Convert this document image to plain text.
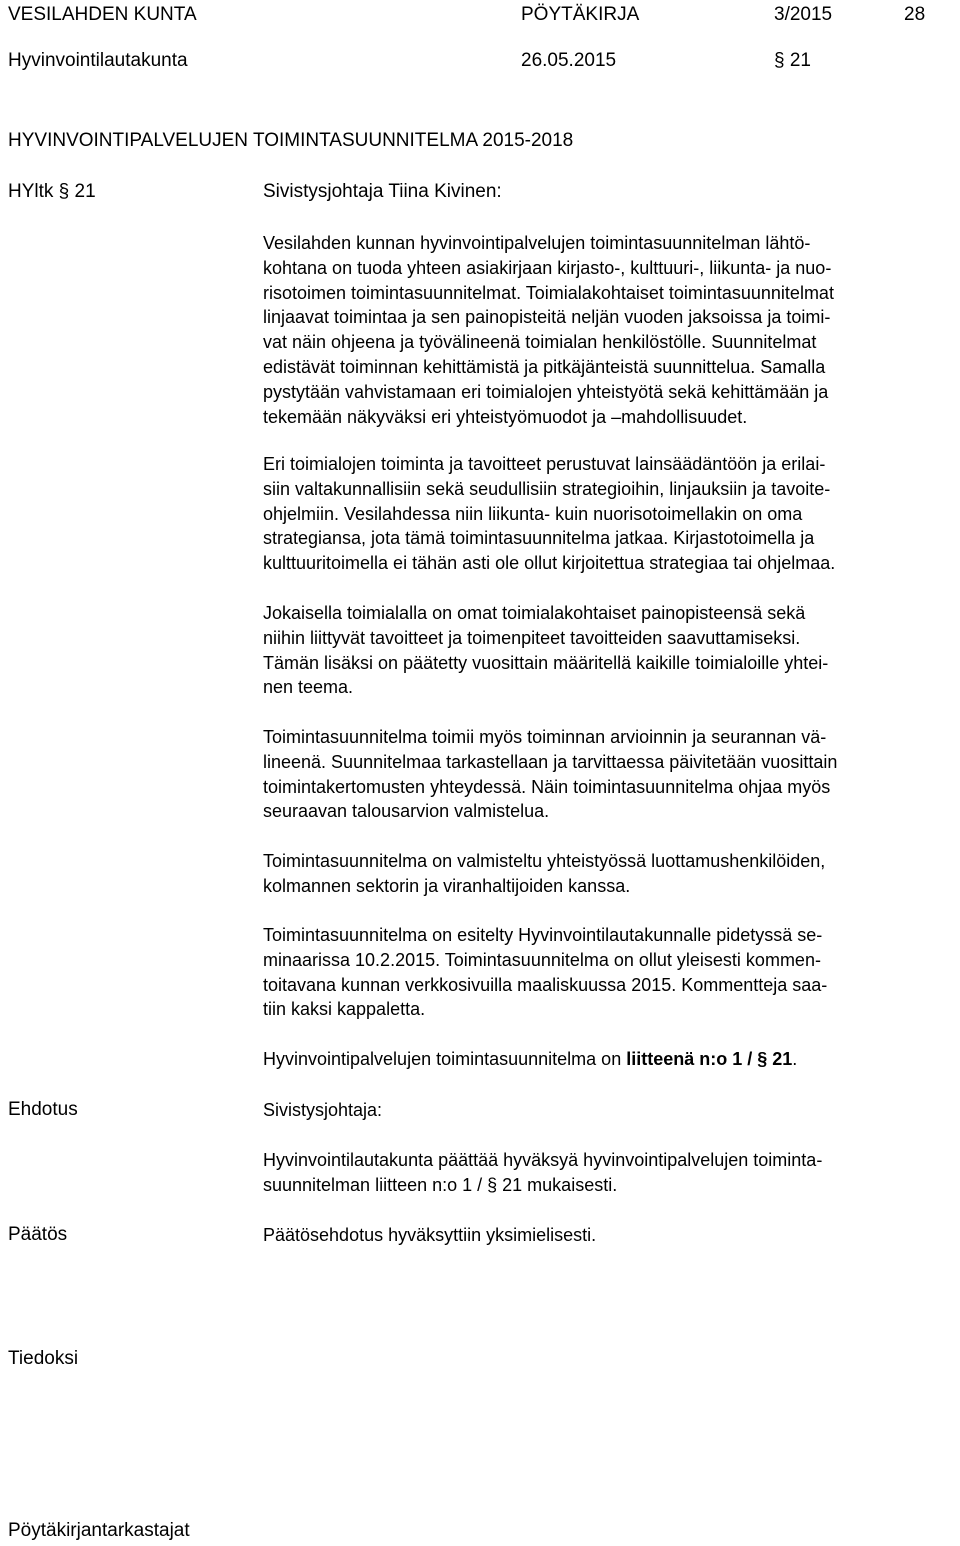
VESILAHDEN KUNTA	PÖYTÄKIRJA	3/2015	28
Hyvinvointilautakunta	26.05.2015	§ 21
HYVINVOINTIPALVELUJEN TOIMINTASUUNNITELMA 2015-2018
HYltk § 21	Sivistysjohtaja Tiina Kivinen:
Vesilahden kunnan hyvinvointipalvelujen toimintasuunnitelman lähtö-
kohtana on tuoda yhteen asiakirjaan kirjasto-, kulttuuri-, liikunta- ja nuo-
risotoimen toimintasuunnitelmat. Toimialakohtaiset toimintasuunnitelmat
linjaavat toimintaa ja sen painopisteitä neljän vuoden jaksoissa ja toimi-
vat näin ohjeena ja työvälineenä toimialan henkilöstölle. Suunnitelmat
edistävät toiminnan kehittämistä ja pitkäjänteistä suunnittelua. Samalla
pystytään vahvistamaan eri toimialojen yhteistyötä sekä kehittämään ja
tekemään näkyväksi eri yhteistyömuodot ja –mahdollisuudet.
Eri toimialojen toiminta ja tavoitteet perustuvat lainsäädäntöön ja erilai-
siin valtakunnallisiin sekä seudullisiin strategioihin, linjauksiin ja tavoite-
ohjelmiin. Vesilahdessa niin liikunta- kuin nuorisotoimellakin on oma
strategiansa, jota tämä toimintasuunnitelma jatkaa. Kirjastotoimella ja
kulttuuritoimella ei tähän asti ole ollut kirjoitettua strategiaa tai ohjelmaa.
Jokaisella toimialalla on omat toimialakohtaiset painopisteensä sekä
niihin liittyvät tavoitteet ja toimenpiteet tavoitteiden saavuttamiseksi.
Tämän lisäksi on päätetty vuosittain määritellä kaikille toimialoille yhtei-
nen teema.
Toimintasuunnitelma toimii myös toiminnan arvioinnin ja seurannan vä-
lineenä. Suunnitelmaa tarkastellaan ja tarvittaessa päivitetään vuosittain
toimintakertomusten yhteydessä. Näin toimintasuunnitelma ohjaa myös
seuraavan talousarvion valmistelua.
Toimintasuunnitelma on valmisteltu yhteistyössä luottamushenkilöiden,
kolmannen sektorin ja viranhaltijoiden kanssa.
Toimintasuunnitelma on esitelty Hyvinvointilautakunnalle pidetyssä se-
minaarissa 10.2.2015. Toimintasuunnitelma on ollut yleisesti kommen-
toitavana kunnan verkkosivuilla maaliskuussa 2015. Kommentteja saa-
tiin kaksi kappaletta.
Hyvinvointipalvelujen toimintasuunnitelma on liitteenä n:o 1 / § 21.
Ehdotus	Sivistysjohtaja:
Hyvinvointilautakunta päättää hyväksyä hyvinvointipalvelujen toiminta-
suunnitelman liitteen n:o 1 / § 21 mukaisesti.
Päätös	Päätösehdotus hyväksyttiin yksimielisesti.
Tiedoksi
Pöytäkirjantarkastajat
